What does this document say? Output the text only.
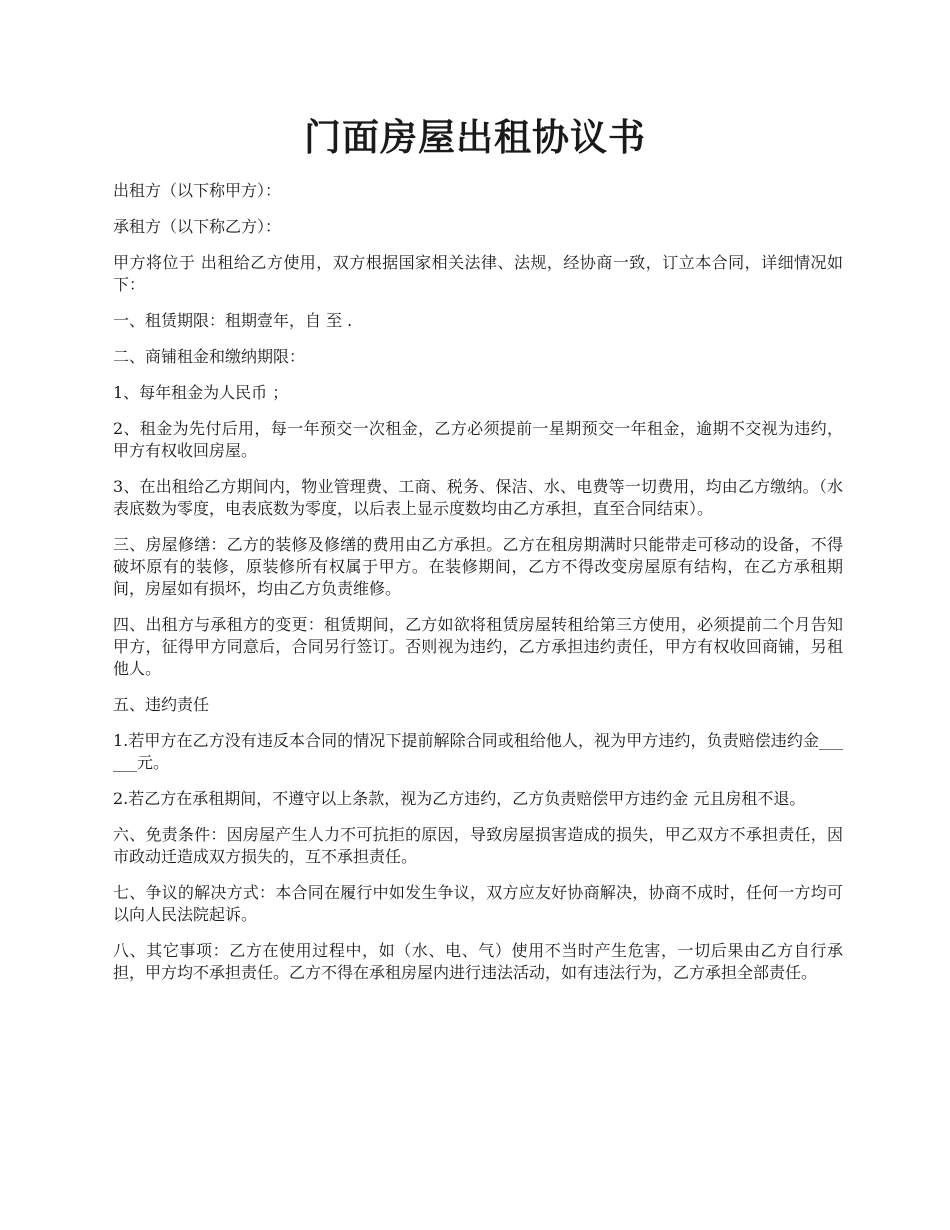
门面房屋出租协议书

出租方（以下称甲方）：

承租方（以下称乙方）：

甲方将位于 出租给乙方使用，双方根据国家相关法律、法规，经协商一致，订立本合同，详细情况如下：

一、租赁期限：租期壹年，自 至 .

二、商铺租金和缴纳期限：

1、每年租金为人民币 ；

2、租金为先付后用，每一年预交一次租金，乙方必须提前一星期预交一年租金，逾期不交视为违约，甲方有权收回房屋。

3、在出租给乙方期间内，物业管理费、工商、税务、保洁、水、电费等一切费用，均由乙方缴纳。（水表底数为零度，电表底数为零度，以后表上显示度数均由乙方承担，直至合同结束）。

三、房屋修缮：乙方的装修及修缮的费用由乙方承担。乙方在租房期满时只能带走可移动的设备，不得破坏原有的装修，原装修所有权属于甲方。在装修期间，乙方不得改变房屋原有结构，在乙方承租期间，房屋如有损坏，均由乙方负责维修。

四、出租方与承租方的变更：租赁期间，乙方如欲将租赁房屋转租给第三方使用，必须提前二个月告知甲方，征得甲方同意后，合同另行签订。否则视为违约，乙方承担违约责任，甲方有权收回商铺，另租他人。

五、违约责任

1.若甲方在乙方没有违反本合同的情况下提前解除合同或租给他人，视为甲方违约，负责赔偿违约金______元。

2.若乙方在承租期间，不遵守以上条款，视为乙方违约，乙方负责赔偿甲方违约金 元且房租不退。

六、免责条件：因房屋产生人力不可抗拒的原因，导致房屋损害造成的损失，甲乙双方不承担责任，因市政动迁造成双方损失的，互不承担责任。

七、争议的解决方式：本合同在履行中如发生争议，双方应友好协商解决，协商不成时，任何一方均可以向人民法院起诉。

八、其它事项：乙方在使用过程中，如（水、电、气）使用不当时产生危害，一切后果由乙方自行承担，甲方均不承担责任。乙方不得在承租房屋内进行违法活动，如有违法行为，乙方承担全部责任。
